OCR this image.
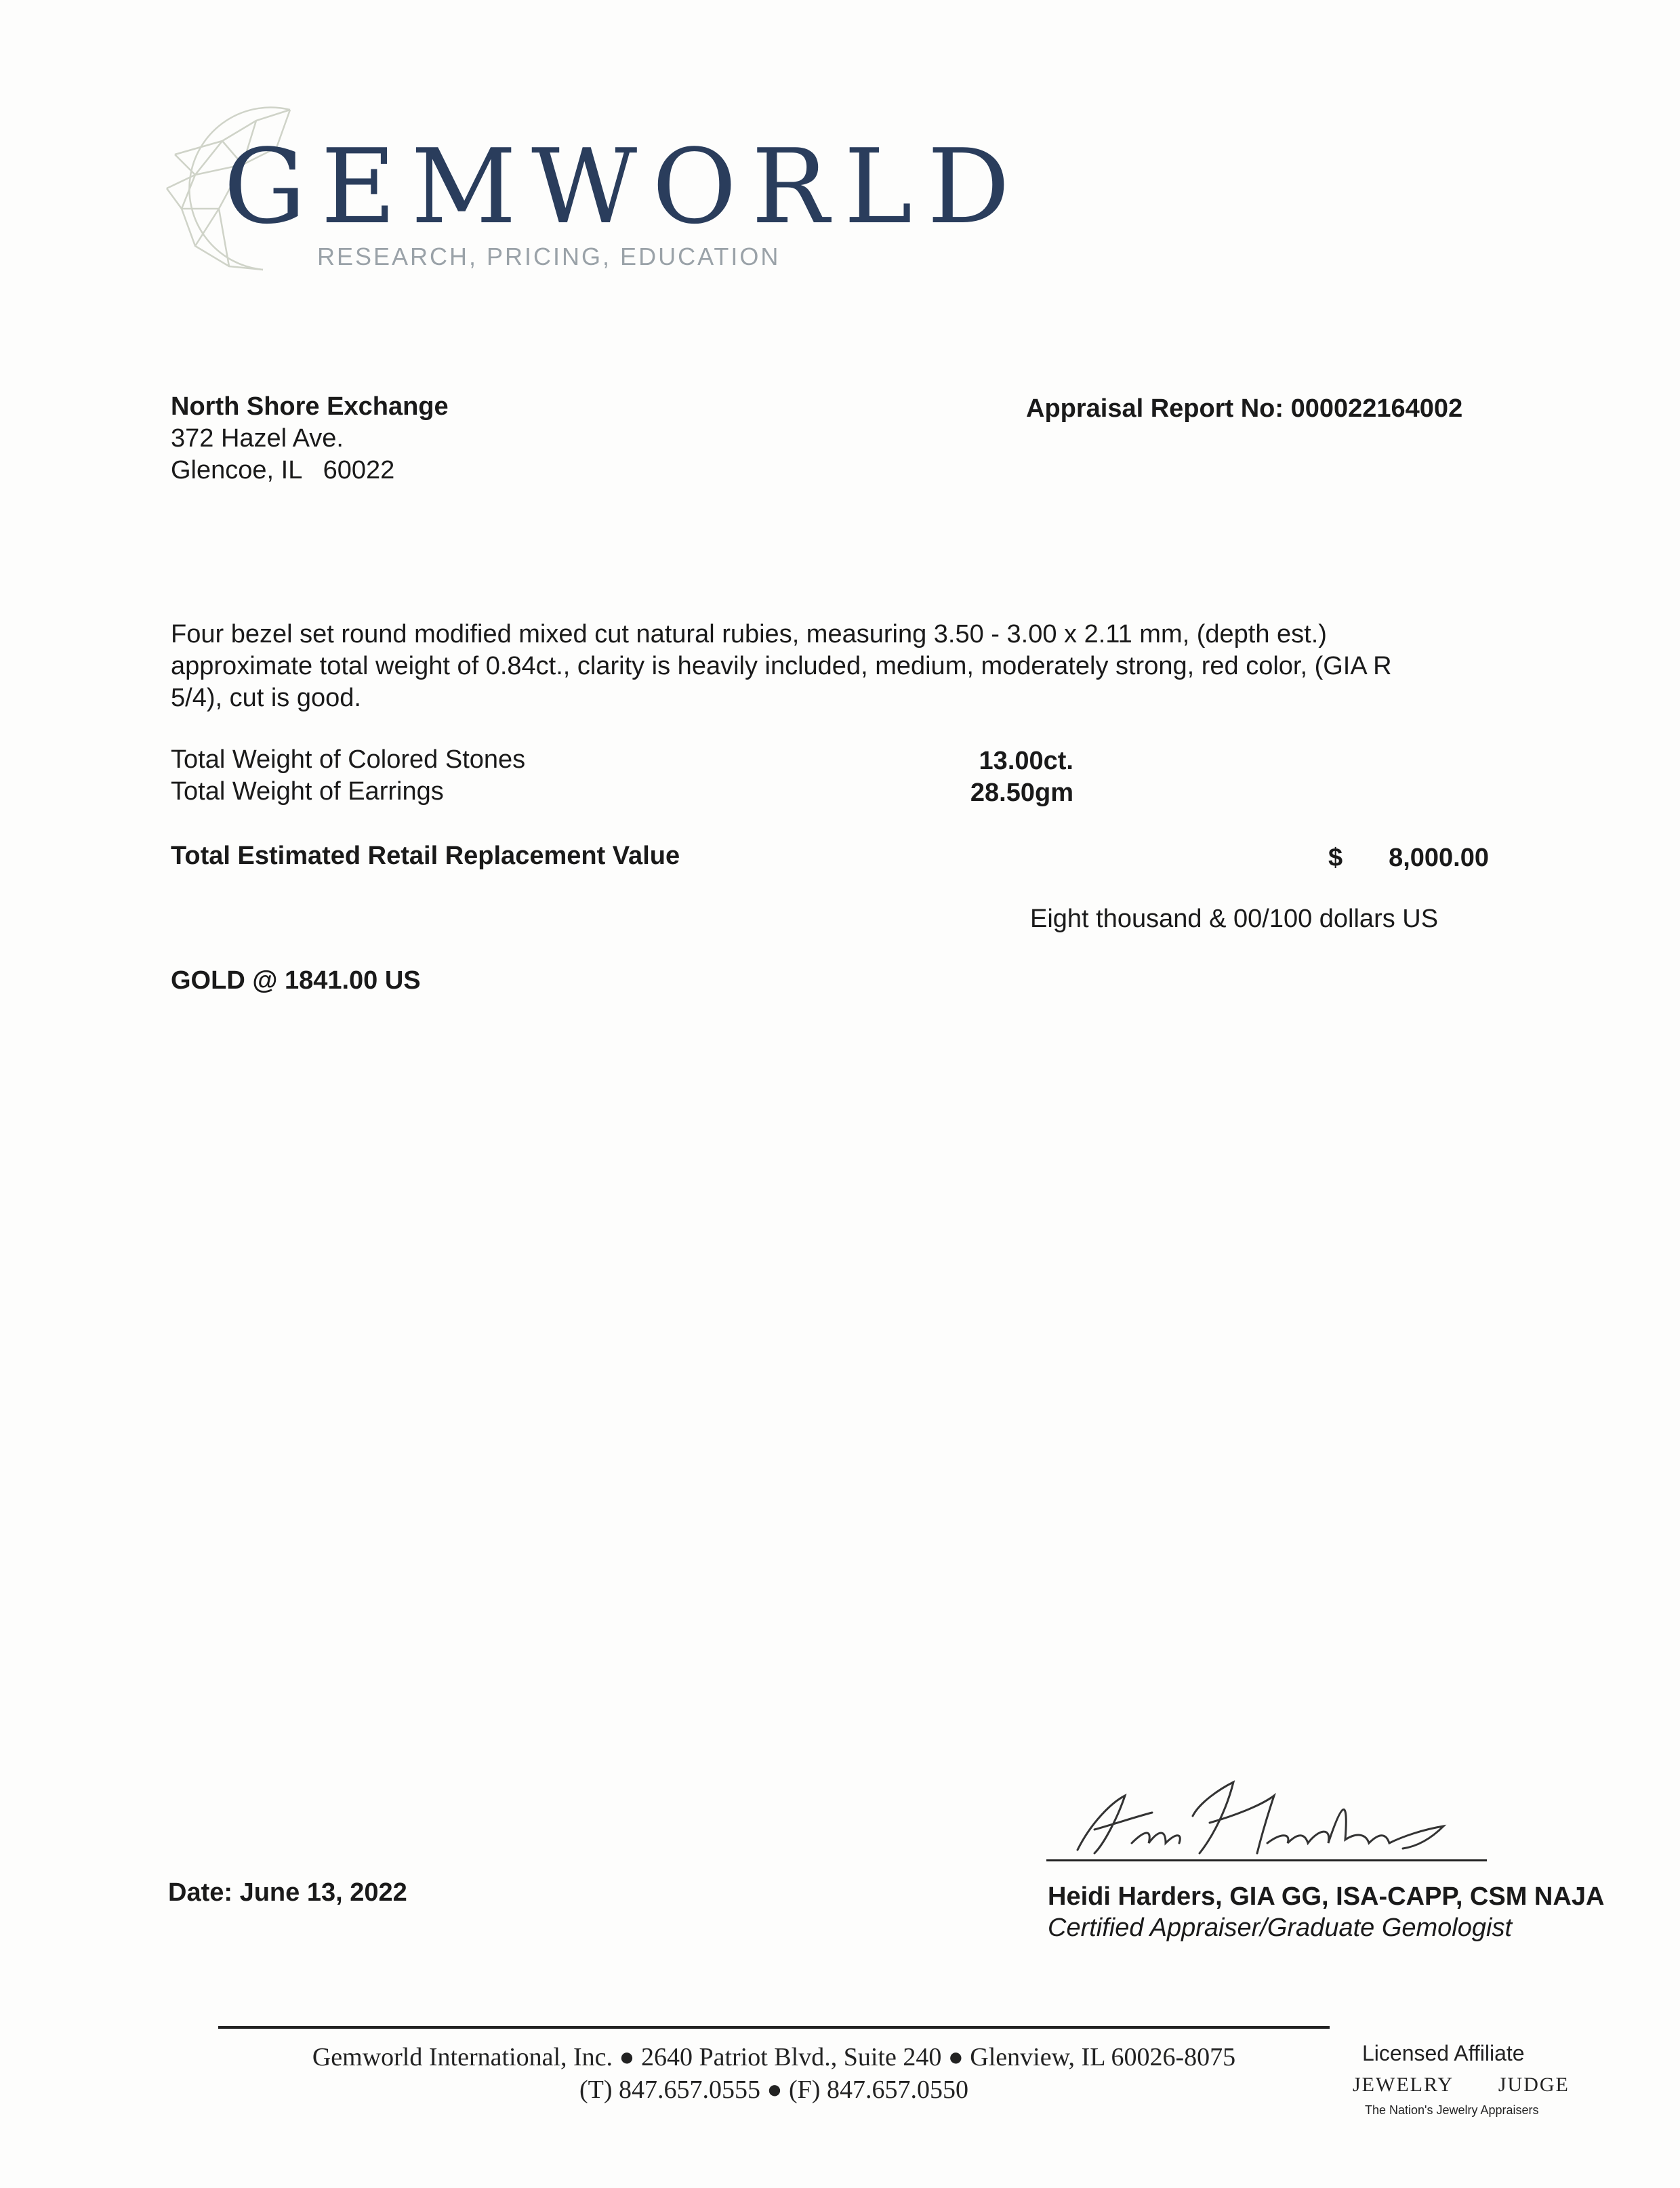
GEMWORLD
RESEARCH, PRICING, EDUCATION
North Shore Exchange
372 Hazel Ave.
Glencoe, IL   60022
Appraisal Report No: 000022164002
Four bezel set round modified mixed cut natural rubies, measuring 3.50 - 3.00 x 2.11 mm, (depth est.) approximate total weight of 0.84ct., clarity is heavily included, medium, moderately strong, red color, (GIA R 5/4), cut is good.
Total Weight of Colored Stones	13.00ct.
Total Weight of Earrings	28.50gm
Total Estimated Retail Replacement Value	$ 8,000.00
Eight thousand & 00/100 dollars US
GOLD @ 1841.00 US
Date: June 13, 2022	Heidi Harders, GIA GG, ISA-CAPP, CSM NAJA
Certified Appraiser/Graduate Gemologist
Gemworld International, Inc. ● 2640 Patriot Blvd., Suite 240 ● Glenview, IL 60026-8075
(T) 847.657.0555 ● (F) 847.657.0550
Licensed Affiliate
JEWELRY JUDGE
The Nation's Jewelry Appraisers
